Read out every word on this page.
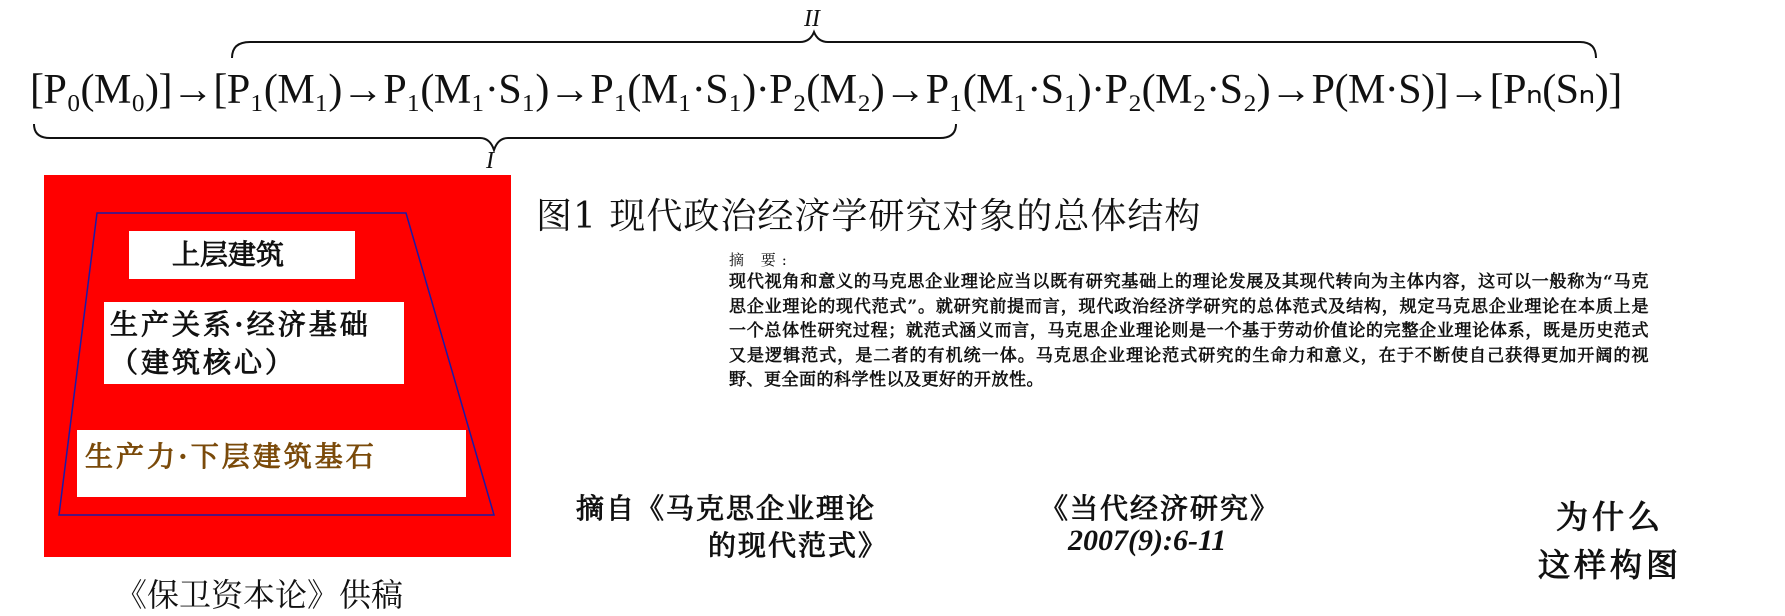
II
[P₀(M₀)]→[P₁(M₁)→P₁(M₁·S₁)→P₁(M₁·S₁)·P₂(M₂)→P₁(M₁·S₁)·P₂(M₂·S₂)→P(M·S)]→[Pₙ(Sₙ)]
I
上层建筑
生产关系·经济基础（建筑核心）
生产力·下层建筑基石
《保卫资本论》供稿
图1 现代政治经济学研究对象的总体结构
摘 要:
现代视角和意义的马克思企业理论应当以既有研究基础上的理论发展及其现代转向为主体内容，这可以一般称为“马克思企业理论的现代范式”。就研究前提而言，现代政治经济学研究的总体范式及结构，规定马克思企业理论在本质上是一个总体性研究过程；就范式涵义而言，马克思企业理论则是一个基于劳动价值论的完整企业理论体系，既是历史范式又是逻辑范式，是二者的有机统一体。马克思企业理论范式研究的生命力和意义，在于不断使自己获得更加开阔的视野、更全面的科学性以及更好的开放性。
摘自《马克思企业理论
的现代范式》
《当代经济研究》
2007(9):6-11
为什么
这样构图
